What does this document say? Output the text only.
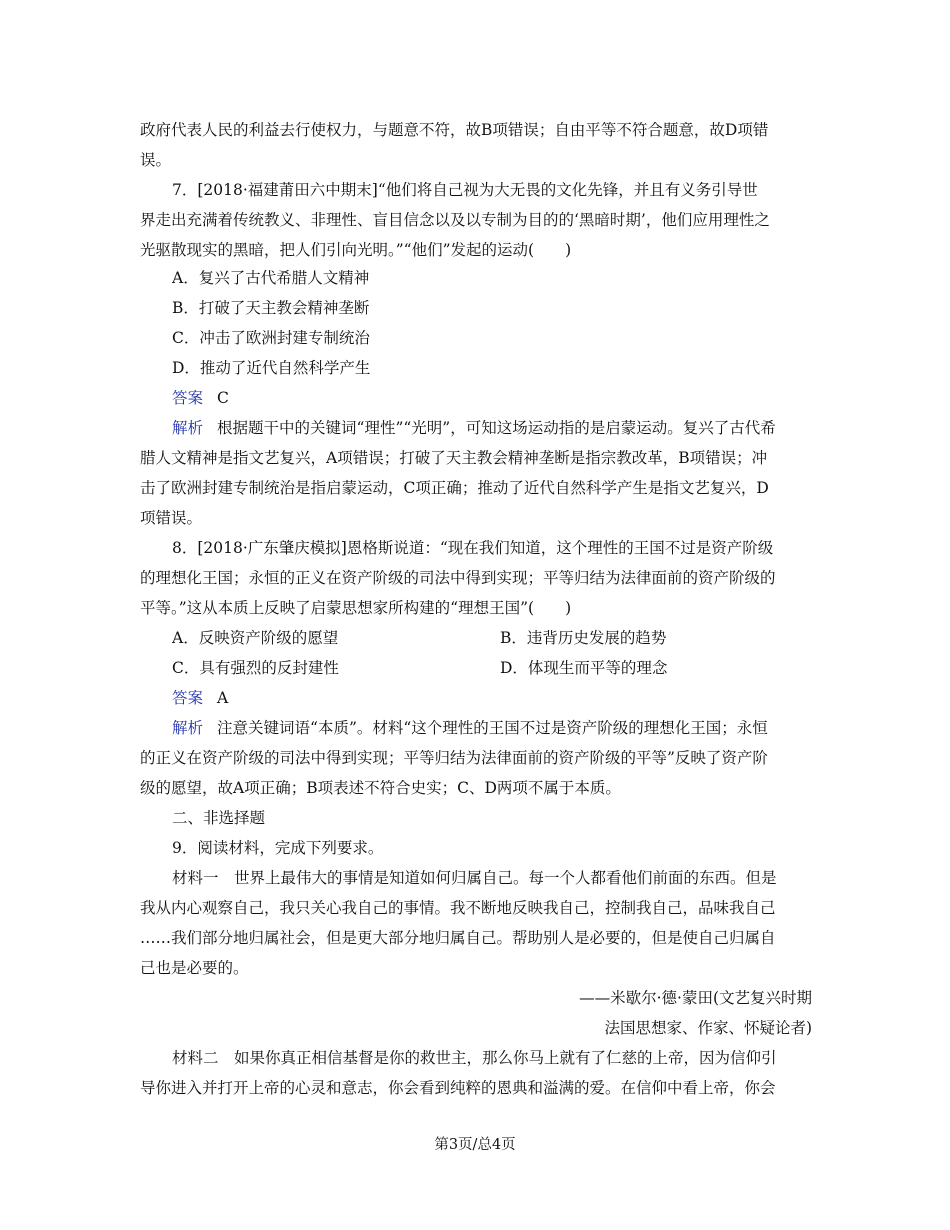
政府代表人民的利益去行使权力，与题意不符，故B项错误；自由平等不符合题意，故D项错
误。
7．[2018·福建莆田六中期末]“他们将自己视为大无畏的文化先锋，并且有义务引导世
界走出充满着传统教义、非理性、盲目信念以及以专制为目的的‘黑暗时期’，他们应用理性之
光驱散现实的黑暗，把人们引向光明。”“他们”发起的运动(　　)
A．复兴了古代希腊人文精神
B．打破了天主教会精神垄断
C．冲击了欧洲封建专制统治
D．推动了近代自然科学产生
答案 C
解析 根据题干中的关键词“理性”“光明”，可知这场运动指的是启蒙运动。复兴了古代希
腊人文精神是指文艺复兴，A项错误；打破了天主教会精神垄断是指宗教改革，B项错误；冲
击了欧洲封建专制统治是指启蒙运动，C项正确；推动了近代自然科学产生是指文艺复兴，D
项错误。
8．[2018·广东肇庆模拟]恩格斯说道：“现在我们知道，这个理性的王国不过是资产阶级
的理想化王国；永恒的正义在资产阶级的司法中得到实现；平等归结为法律面前的资产阶级的
平等。”这从本质上反映了启蒙思想家所构建的“理想王国”(　　)
A．反映资产阶级的愿望	B．违背历史发展的趋势
C．具有强烈的反封建性	D．体现生而平等的理念
答案 A
解析 注意关键词语“本质”。材料“这个理性的王国不过是资产阶级的理想化王国；永恒
的正义在资产阶级的司法中得到实现；平等归结为法律面前的资产阶级的平等”反映了资产阶
级的愿望，故A项正确；B项表述不符合史实；C、D两项不属于本质。
二、非选择题
9．阅读材料，完成下列要求。
材料一　世界上最伟大的事情是知道如何归属自己。每一个人都看他们前面的东西。但是
我从内心观察自己，我只关心我自己的事情。我不断地反映我自己，控制我自己，品味我自己
……我们部分地归属社会，但是更大部分地归属自己。帮助别人是必要的，但是使自己归属自
己也是必要的。
——米歇尔·德·蒙田(文艺复兴时期
法国思想家、作家、怀疑论者)
材料二　如果你真正相信基督是你的救世主，那么你马上就有了仁慈的上帝，因为信仰引
导你进入并打开上帝的心灵和意志，你会看到纯粹的恩典和溢满的爱。在信仰中看上帝，你会
第3页/总4页
